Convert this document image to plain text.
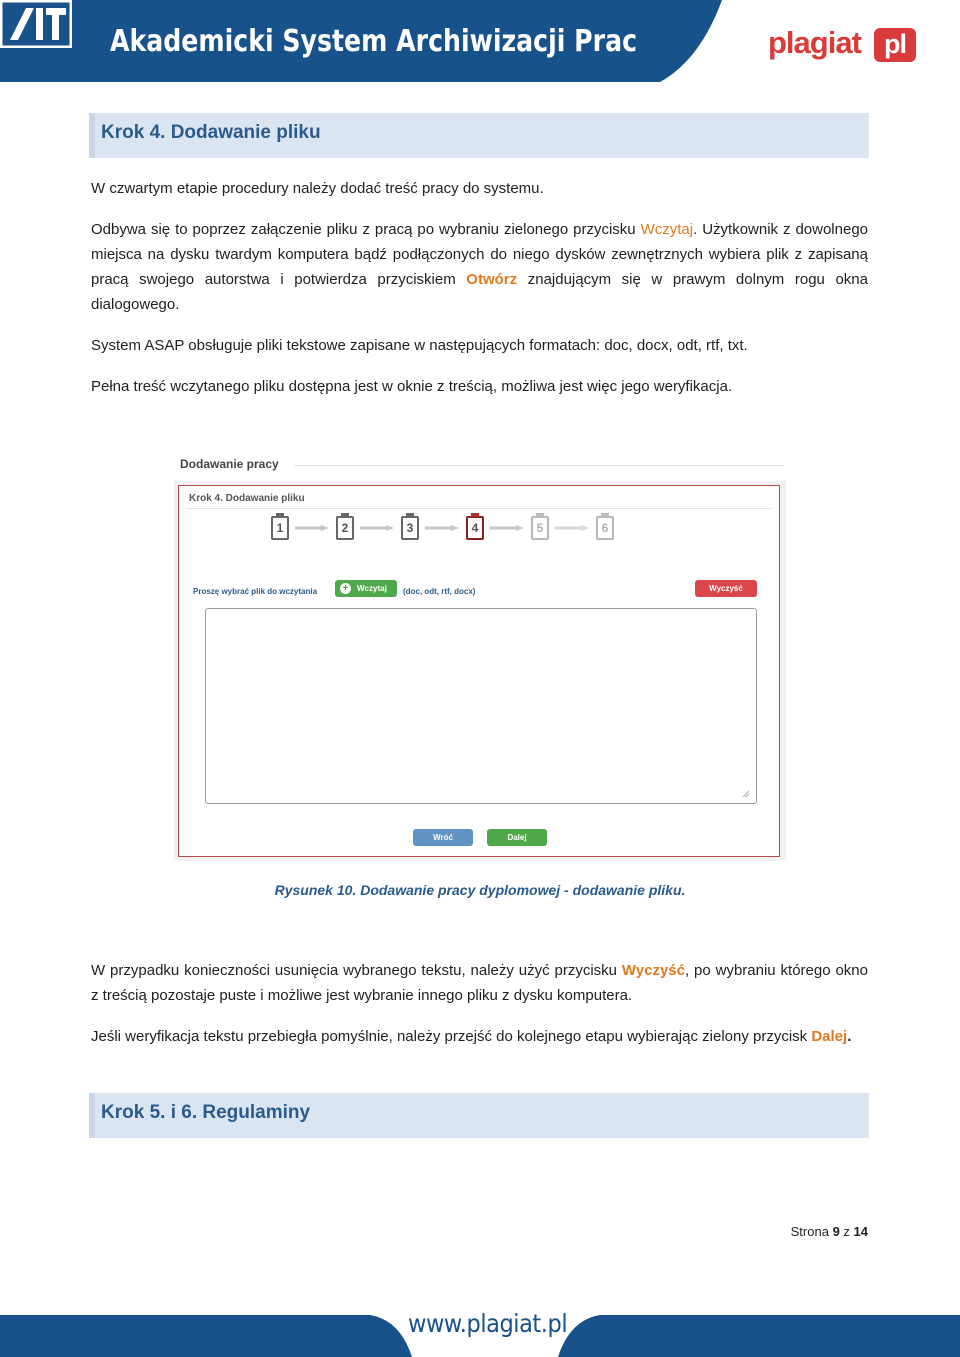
Akademicki System Archiwizacji Prac	plagiat pl
Krok 4. Dodawanie pliku
W czwartym etapie procedury należy dodać treść pracy do systemu.
Odbywa się to poprzez załączenie pliku z pracą po wybraniu zielonego przycisku Wczytaj. Użytkownik z dowolnego miejsca na dysku twardym komputera bądź podłączonych do niego dysków zewnętrznych wybiera plik z zapisaną pracą swojego autorstwa i potwierdza przyciskiem Otwórz znajdującym się w prawym dolnym rogu okna dialogowego.
System ASAP obsługuje pliki tekstowe zapisane w następujących formatach: doc, docx, odt, rtf, txt.
Pełna treść wczytanego pliku dostępna jest w oknie z treścią, możliwa jest więc jego weryfikacja.
Dodawanie pracy
Krok 4. Dodawanie pliku
1	2	3	4	5	6
Proszę wybrać plik do wczytania	+	Wczytaj	(doc, odt, rtf, docx)	Wyczyść
Wróć	Dalej
Rysunek 10. Dodawanie pracy dyplomowej - dodawanie pliku.
W przypadku konieczności usunięcia wybranego tekstu, należy użyć przycisku Wyczyść, po wybraniu którego okno z treścią pozostaje puste i możliwe jest wybranie innego pliku z dysku komputera.
Jeśli weryfikacja tekstu przebiegła pomyślnie, należy przejść do kolejnego etapu wybierając zielony przycisk Dalej.
Krok 5. i 6. Regulaminy
Strona 9 z 14
www.plagiat.pl
